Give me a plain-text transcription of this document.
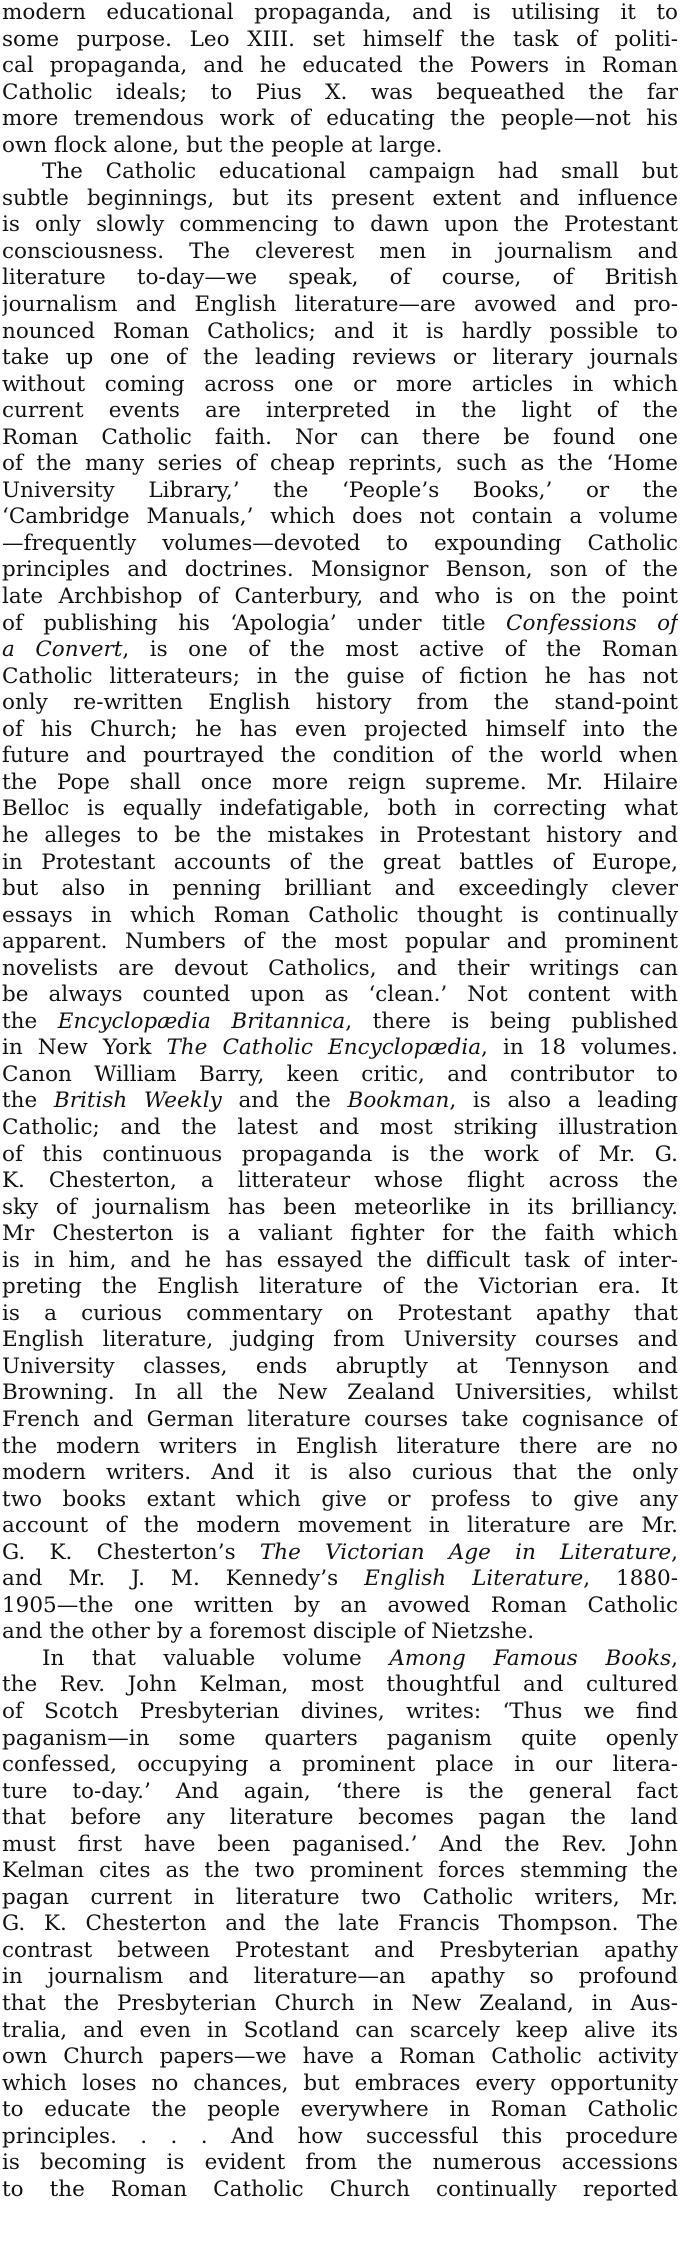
modern educational propaganda, and is utilising it to
some purpose. Leo XIII. set himself the task of politi-
cal propaganda, and he educated the Powers in Roman
Catholic ideals; to Pius X. was bequeathed the far
more tremendous work of educating the people—not his
own flock alone, but the people at large.
The Catholic educational campaign had small but
subtle beginnings, but its present extent and influence
is only slowly commencing to dawn upon the Protestant
consciousness. The cleverest men in journalism and
literature to-day—we speak, of course, of British
journalism and English literature—are avowed and pro-
nounced Roman Catholics; and it is hardly possible to
take up one of the leading reviews or literary journals
without coming across one or more articles in which
current events are interpreted in the light of the
Roman Catholic faith. Nor can there be found one
of the many series of cheap reprints, such as the ‘Home
University Library,’ the ‘People’s Books,’ or the
‘Cambridge Manuals,’ which does not contain a volume
—frequently volumes—devoted to expounding Catholic
principles and doctrines. Monsignor Benson, son of the
late Archbishop of Canterbury, and who is on the point
of publishing his ‘Apologia’ under title Confessions of
a Convert, is one of the most active of the Roman
Catholic litterateurs; in the guise of fiction he has not
only re-written English history from the stand-point
of his Church; he has even projected himself into the
future and pourtrayed the condition of the world when
the Pope shall once more reign supreme. Mr. Hilaire
Belloc is equally indefatigable, both in correcting what
he alleges to be the mistakes in Protestant history and
in Protestant accounts of the great battles of Europe,
but also in penning brilliant and exceedingly clever
essays in which Roman Catholic thought is continually
apparent. Numbers of the most popular and prominent
novelists are devout Catholics, and their writings can
be always counted upon as ‘clean.’ Not content with
the Encyclopædia Britannica, there is being published
in New York The Catholic Encyclopædia, in 18 volumes.
Canon William Barry, keen critic, and contributor to
the British Weekly and the Bookman, is also a leading
Catholic; and the latest and most striking illustration
of this continuous propaganda is the work of Mr. G.
K. Chesterton, a litterateur whose flight across the
sky of journalism has been meteorlike in its brilliancy.
Mr Chesterton is a valiant fighter for the faith which
is in him, and he has essayed the difficult task of inter-
preting the English literature of the Victorian era. It
is a curious commentary on Protestant apathy that
English literature, judging from University courses and
University classes, ends abruptly at Tennyson and
Browning. In all the New Zealand Universities, whilst
French and German literature courses take cognisance of
the modern writers in English literature there are no
modern writers. And it is also curious that the only
two books extant which give or profess to give any
account of the modern movement in literature are Mr.
G. K. Chesterton’s The Victorian Age in Literature,
and Mr. J. M. Kennedy’s English Literature, 1880-
1905—the one written by an avowed Roman Catholic
and the other by a foremost disciple of Nietzshe.
In that valuable volume Among Famous Books,
the Rev. John Kelman, most thoughtful and cultured
of Scotch Presbyterian divines, writes: ‘Thus we find
paganism—in some quarters paganism quite openly
confessed, occupying a prominent place in our litera-
ture to-day.’ And again, ‘there is the general fact
that before any literature becomes pagan the land
must first have been paganised.’ And the Rev. John
Kelman cites as the two prominent forces stemming the
pagan current in literature two Catholic writers, Mr.
G. K. Chesterton and the late Francis Thompson. The
contrast between Protestant and Presbyterian apathy
in journalism and literature—an apathy so profound
that the Presbyterian Church in New Zealand, in Aus-
tralia, and even in Scotland can scarcely keep alive its
own Church papers—we have a Roman Catholic activity
which loses no chances, but embraces every opportunity
to educate the people everywhere in Roman Catholic
principles. . . . And how successful this procedure
is becoming is evident from the numerous accessions
to the Roman Catholic Church continually reported
